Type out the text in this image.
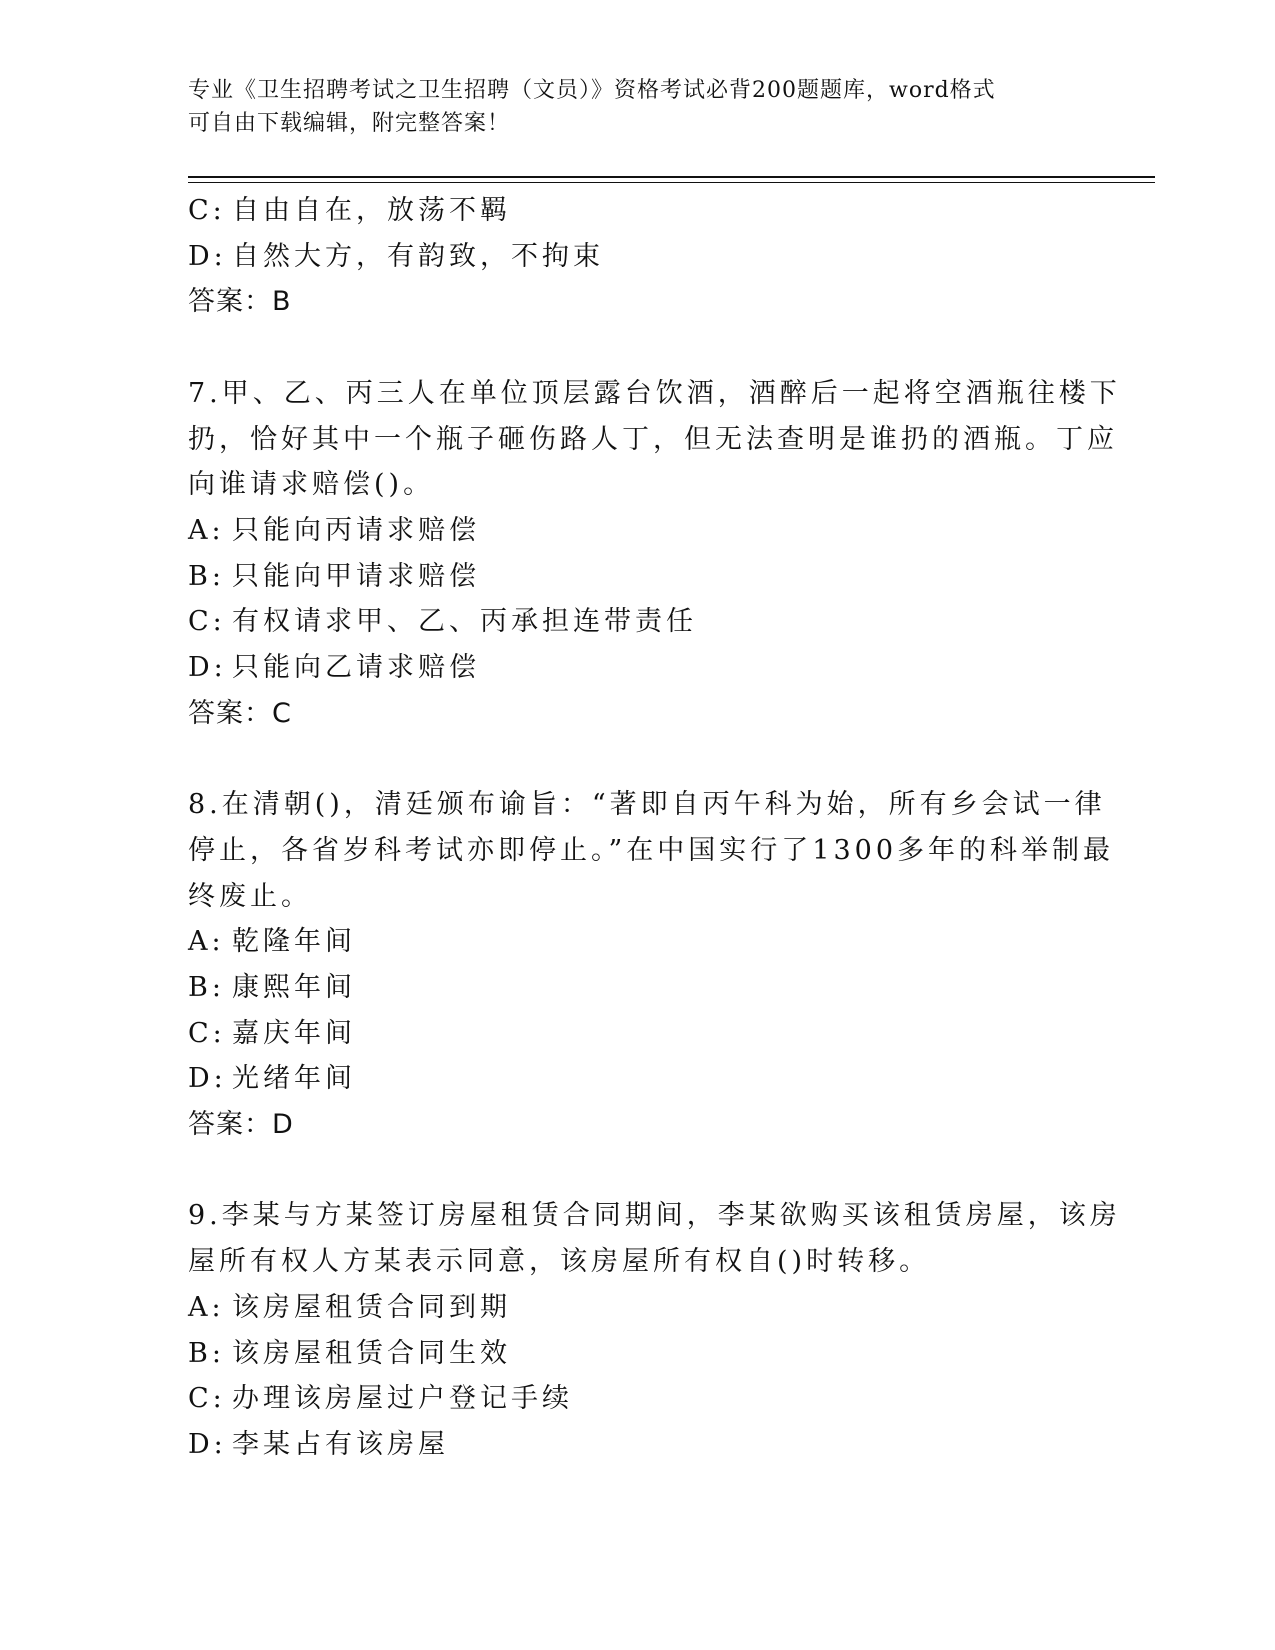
专业《卫生招聘考试之卫生招聘（文员）》资格考试必背200题题库，word格式
可自由下载编辑，附完整答案！
C: 自由自在，放荡不羁
D: 自然大方，有韵致，不拘束
答案：B
7.甲、乙、丙三人在单位顶层露台饮酒，酒醉后一起将空酒瓶往楼下
扔，恰好其中一个瓶子砸伤路人丁，但无法查明是谁扔的酒瓶。丁应
向谁请求赔偿()。
A: 只能向丙请求赔偿
B: 只能向甲请求赔偿
C: 有权请求甲、乙、丙承担连带责任
D: 只能向乙请求赔偿
答案：C
8.在清朝()，清廷颁布谕旨：“著即自丙午科为始，所有乡会试一律
停止，各省岁科考试亦即停止。”在中国实行了1300多年的科举制最
终废止。
A: 乾隆年间
B: 康熙年间
C: 嘉庆年间
D: 光绪年间
答案：D
9.李某与方某签订房屋租赁合同期间，李某欲购买该租赁房屋，该房
屋所有权人方某表示同意，该房屋所有权自()时转移。
A: 该房屋租赁合同到期
B: 该房屋租赁合同生效
C: 办理该房屋过户登记手续
D: 李某占有该房屋
